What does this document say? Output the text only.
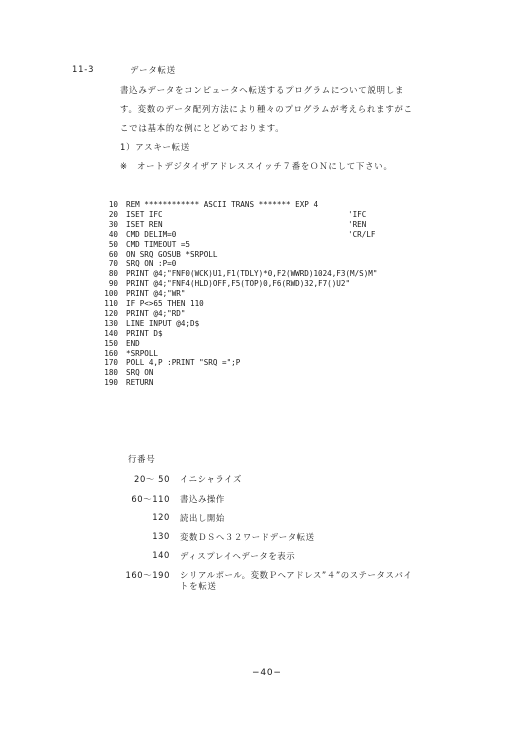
11-3	データ転送
書込みデータをコンピュータへ転送するプログラムについて説明しま
す。変数のデータ配列方法により種々のプログラムが考えられますがこ
こでは基本的な例にとどめております。
1）アスキー転送
※　オートデジタイザアドレススイッチ７番をＯＮにして下さい。
10 REM ************ ASCII TRANS ******* EXP 4
20 ISET IFC	'IFC
30 ISET REN	'REN
40 CMD DELIM=0	'CR/LF
50 CMD TIMEOUT =5
60 ON SRQ GOSUB *SRPOLL
70 SRQ ON :P=0
80 PRINT @4;"FNF0(WCK)U1,F1(TDLY)*0,F2(WWRD)1024,F3(M/S)M"
90 PRINT @4;"FNF4(HLD)OFF,F5(TOP)0,F6(RWD)32,F7()U2"
100 PRINT @4;"WR"
110 IF P<>65 THEN 110
120 PRINT @4;"RD"
130 LINE INPUT @4;D$
140 PRINT D$
150 END
160 *SRPOLL
170 POLL 4,P :PRINT "SRQ =";P
180 SRQ ON
190 RETURN
行番号
20～ 50 イニシャライズ
60～110 書込み操作
120 読出し開始
130 変数ＤＳへ３２ワードデータ転送
140 ディスプレイへデータを表示
160～190 シリアルポール。変数Ｐへアドレス”４”のステータスバイ
トを転送
−40−
